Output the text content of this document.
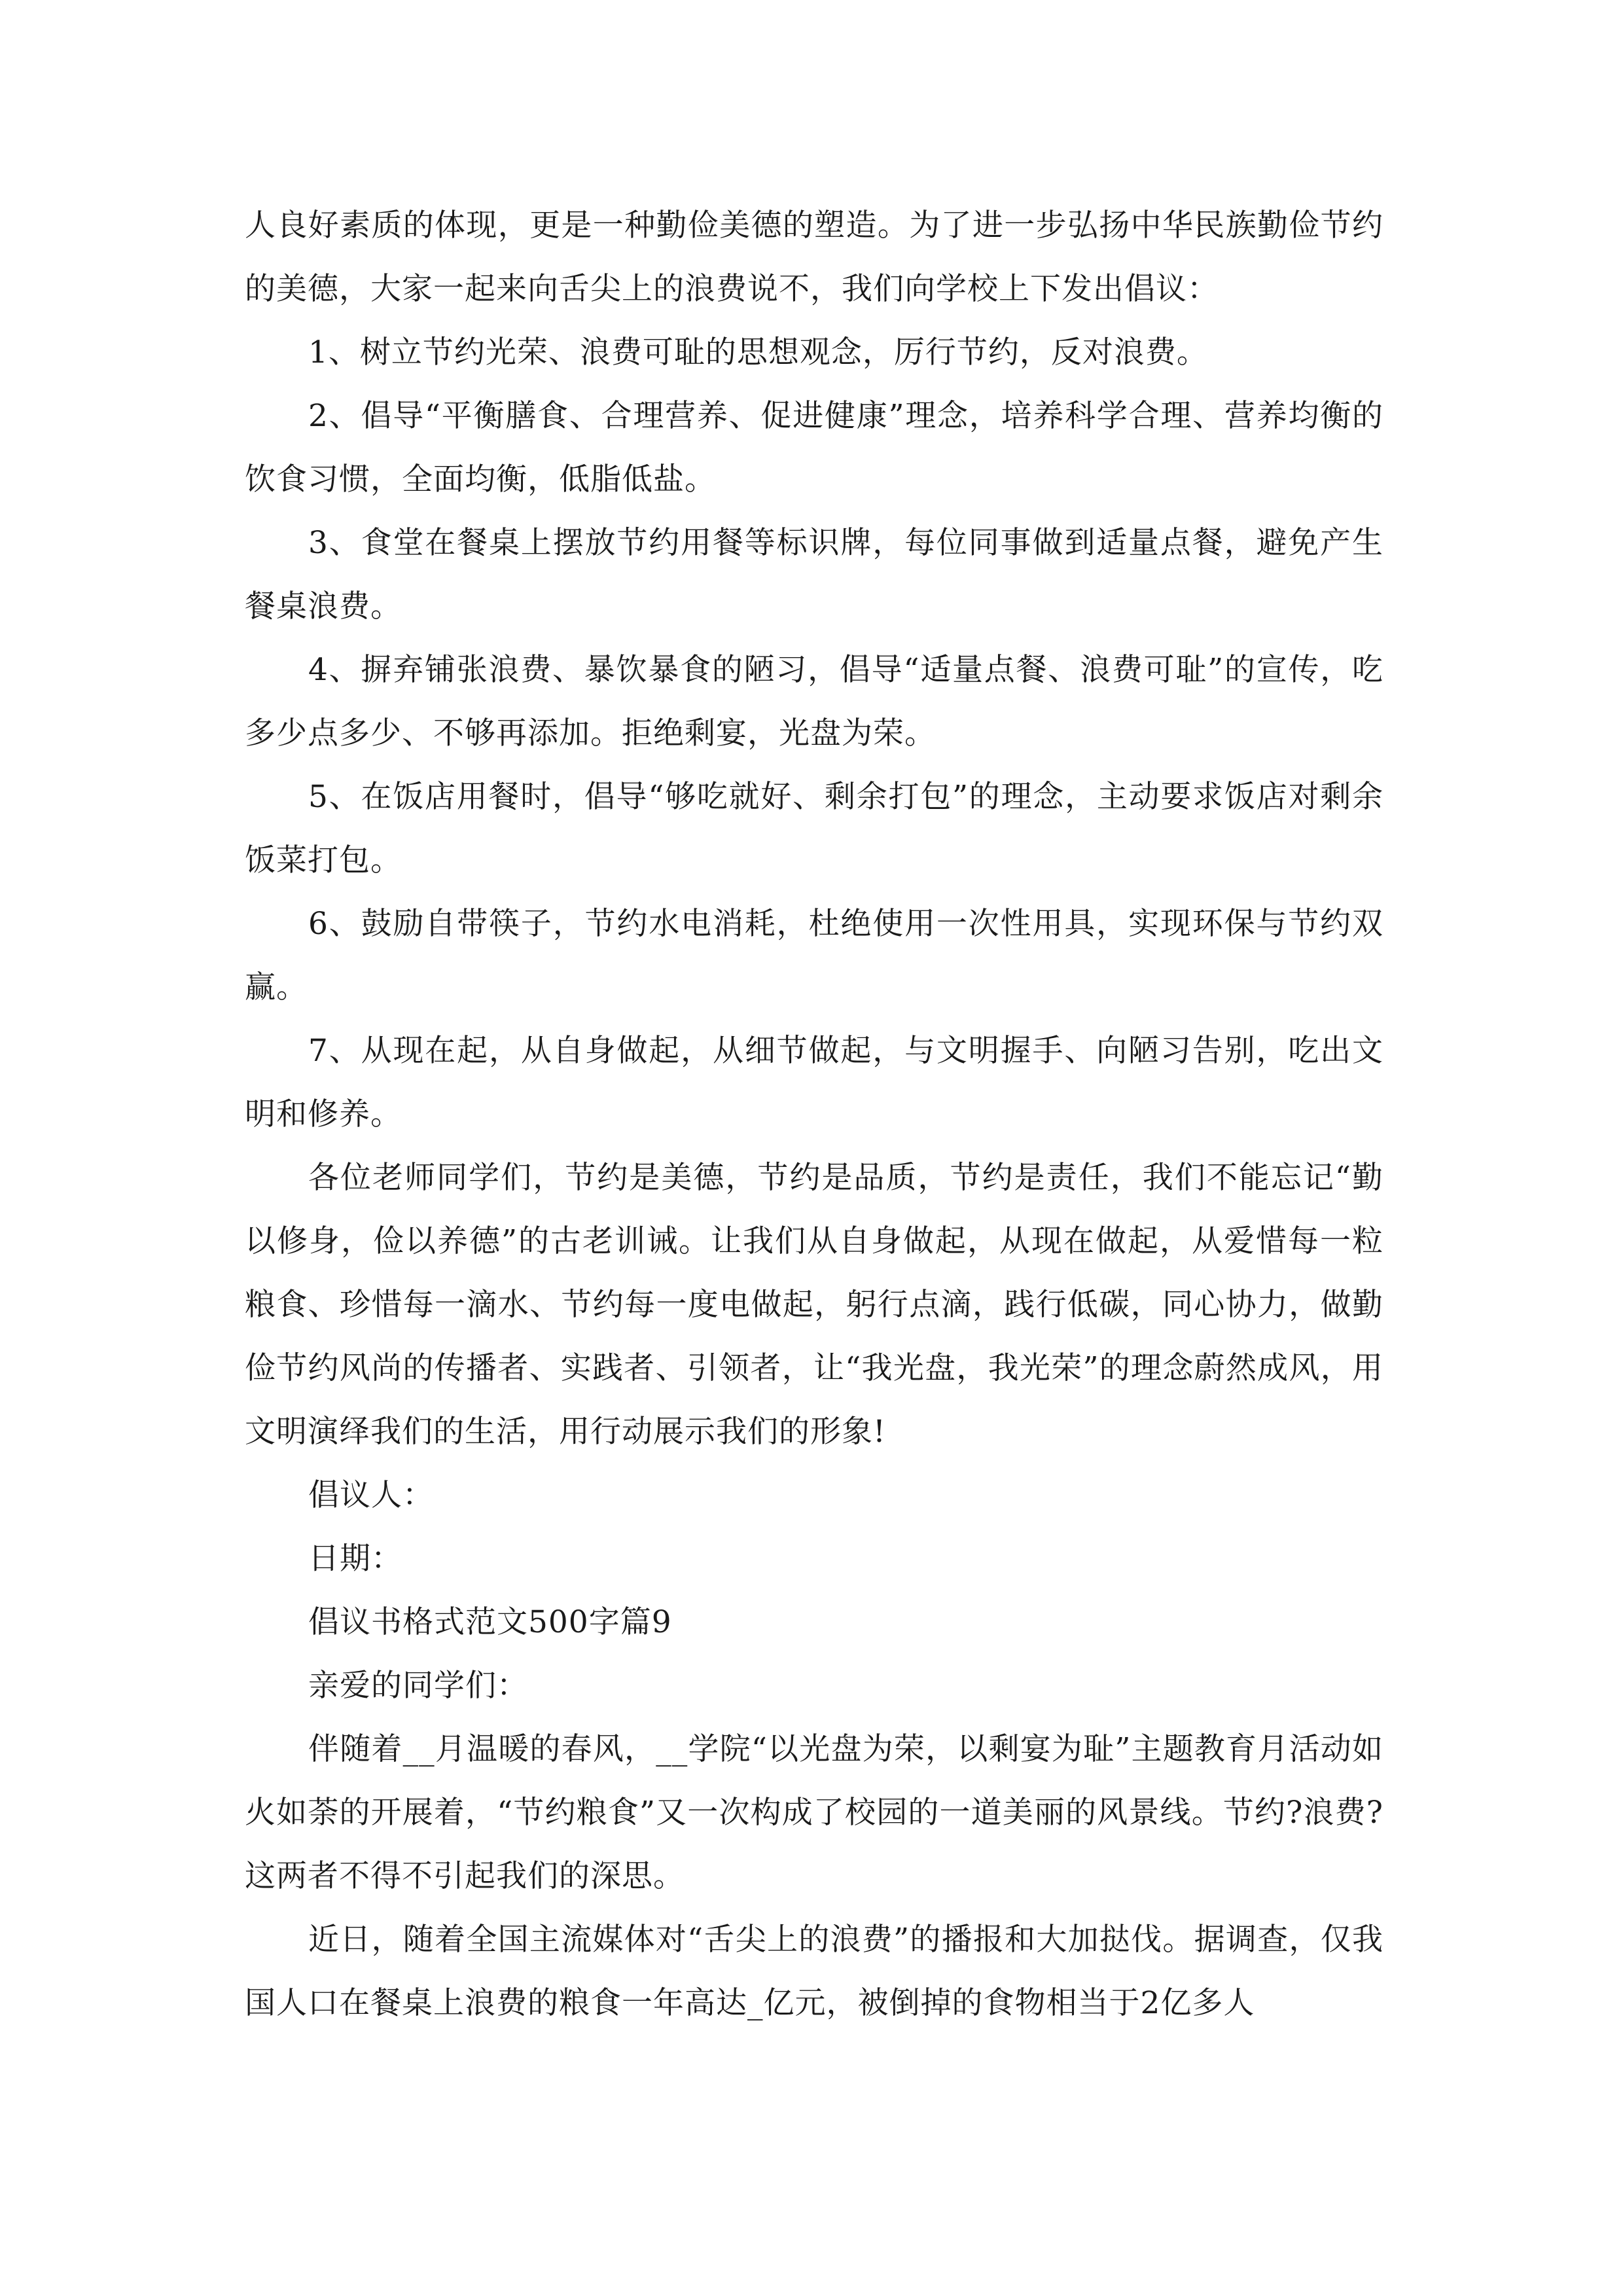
人良好素质的体现，更是一种勤俭美德的塑造。为了进一步弘扬中华民族勤俭节约的美德，大家一起来向舌尖上的浪费说不，我们向学校上下发出倡议：

1、树立节约光荣、浪费可耻的思想观念，厉行节约，反对浪费。

2、倡导“平衡膳食、合理营养、促进健康”理念，培养科学合理、营养均衡的饮食习惯，全面均衡，低脂低盐。

3、食堂在餐桌上摆放节约用餐等标识牌，每位同事做到适量点餐，避免产生餐桌浪费。

4、摒弃铺张浪费、暴饮暴食的陋习，倡导“适量点餐、浪费可耻”的宣传，吃多少点多少、不够再添加。拒绝剩宴，光盘为荣。

5、在饭店用餐时，倡导“够吃就好、剩余打包”的理念，主动要求饭店对剩余饭菜打包。

6、鼓励自带筷子，节约水电消耗，杜绝使用一次性用具，实现环保与节约双赢。

7、从现在起，从自身做起，从细节做起，与文明握手、向陋习告别，吃出文明和修养。

各位老师同学们，节约是美德，节约是品质，节约是责任，我们不能忘记“勤以修身，俭以养德”的古老训诫。让我们从自身做起，从现在做起，从爱惜每一粒粮食、珍惜每一滴水、节约每一度电做起，躬行点滴，践行低碳，同心协力，做勤俭节约风尚的传播者、实践者、引领者，让“我光盘，我光荣”的理念蔚然成风，用文明演绎我们的生活，用行动展示我们的形象!

倡议人：

日期：

倡议书格式范文500字篇9

亲爱的同学们：

伴随着__月温暖的春风，__学院“以光盘为荣，以剩宴为耻”主题教育月活动如火如荼的开展着，“节约粮食”又一次构成了校园的一道美丽的风景线。节约?浪费?这两者不得不引起我们的深思。

近日，随着全国主流媒体对“舌尖上的浪费”的播报和大加挞伐。据调查，仅我国人口在餐桌上浪费的粮食一年高达_亿元，被倒掉的食物相当于2亿多人
